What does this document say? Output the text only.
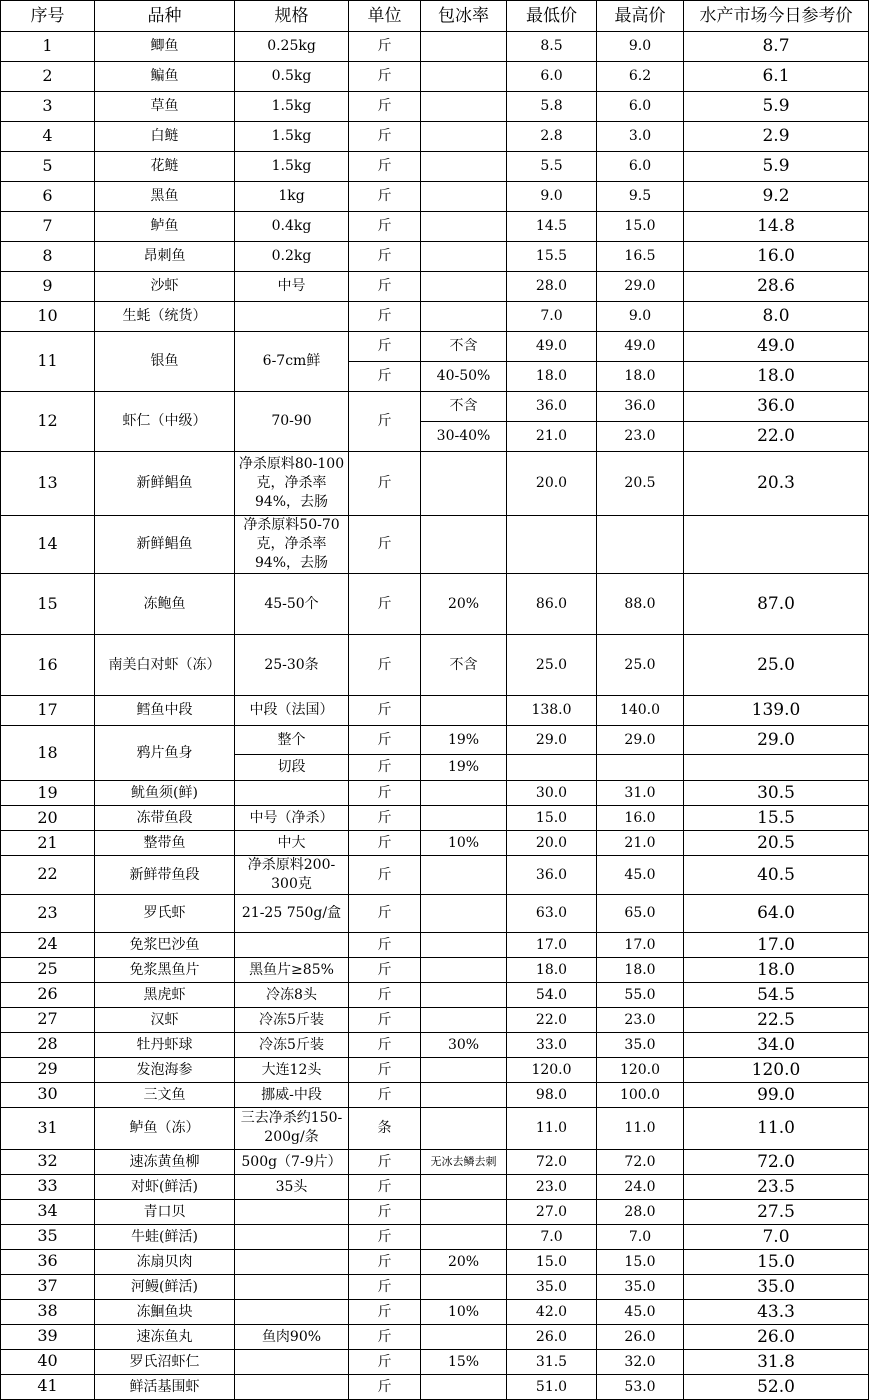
序号	品种	规格	单位	包冰率	最低价	最高价	水产市场今日参考价
1	鲫鱼	0.25kg	斤		8.5	9.0	8.7
2	鳊鱼	0.5kg	斤		6.0	6.2	6.1
3	草鱼	1.5kg	斤		5.8	6.0	5.9
4	白鲢	1.5kg	斤		2.8	3.0	2.9
5	花鲢	1.5kg	斤		5.5	6.0	5.9
6	黑鱼	1kg	斤		9.0	9.5	9.2
7	鲈鱼	0.4kg	斤		14.5	15.0	14.8
8	昂刺鱼	0.2kg	斤		15.5	16.5	16.0
9	沙虾	中号	斤		28.0	29.0	28.6
10	生蚝（统货）		斤		7.0	9.0	8.0
11	银鱼	6-7cm鲜	斤	不含	49.0	49.0	49.0
			斤	40-50%	18.0	18.0	18.0
12	虾仁（中级）	70-90	斤	不含	36.0	36.0	36.0
				30-40%	21.0	23.0	22.0
13	新鲜鲳鱼	净杀原料80-100克，净杀率94%，去肠	斤		20.0	20.5	20.3
14	新鲜鲳鱼	净杀原料50-70克，净杀率94%，去肠	斤				
15	冻鲍鱼	45-50个	斤	20%	86.0	88.0	87.0
16	南美白对虾（冻）	25-30条	斤	不含	25.0	25.0	25.0
17	鳕鱼中段	中段（法国）	斤		138.0	140.0	139.0
18	鸦片鱼身	整个	斤	19%	29.0	29.0	29.0
		切段	斤	19%			
19	鱿鱼须(鲜)		斤		30.0	31.0	30.5
20	冻带鱼段	中号（净杀）	斤		15.0	16.0	15.5
21	整带鱼	中大	斤	10%	20.0	21.0	20.5
22	新鲜带鱼段	净杀原料200-300克	斤		36.0	45.0	40.5
23	罗氏虾	21-25 750g/盒	斤		63.0	65.0	64.0
24	免浆巴沙鱼		斤		17.0	17.0	17.0
25	免浆黑鱼片	黑鱼片≥85%	斤		18.0	18.0	18.0
26	黑虎虾	冷冻8头	斤		54.0	55.0	54.5
27	汉虾	冷冻5斤装	斤		22.0	23.0	22.5
28	牡丹虾球	冷冻5斤装	斤	30%	33.0	35.0	34.0
29	发泡海参	大连12头	斤		120.0	120.0	120.0
30	三文鱼	挪威-中段	斤		98.0	100.0	99.0
31	鲈鱼（冻）	三去净杀约150-200g/条	条		11.0	11.0	11.0
32	速冻黄鱼柳	500g（7-9片）	斤	无冰去鳞去刺	72.0	72.0	72.0
33	对虾(鲜活)	35头	斤		23.0	24.0	23.5
34	青口贝		斤		27.0	28.0	27.5
35	牛蛙(鲜活)		斤		7.0	7.0	7.0
36	冻扇贝肉		斤	20%	15.0	15.0	15.0
37	河鳗(鲜活)		斤		35.0	35.0	35.0
38	冻鮰鱼块		斤	10%	42.0	45.0	43.3
39	速冻鱼丸	鱼肉90%	斤		26.0	26.0	26.0
40	罗氏沼虾仁		斤	15%	31.5	32.0	31.8
41	鲜活基围虾		斤		51.0	53.0	52.0
